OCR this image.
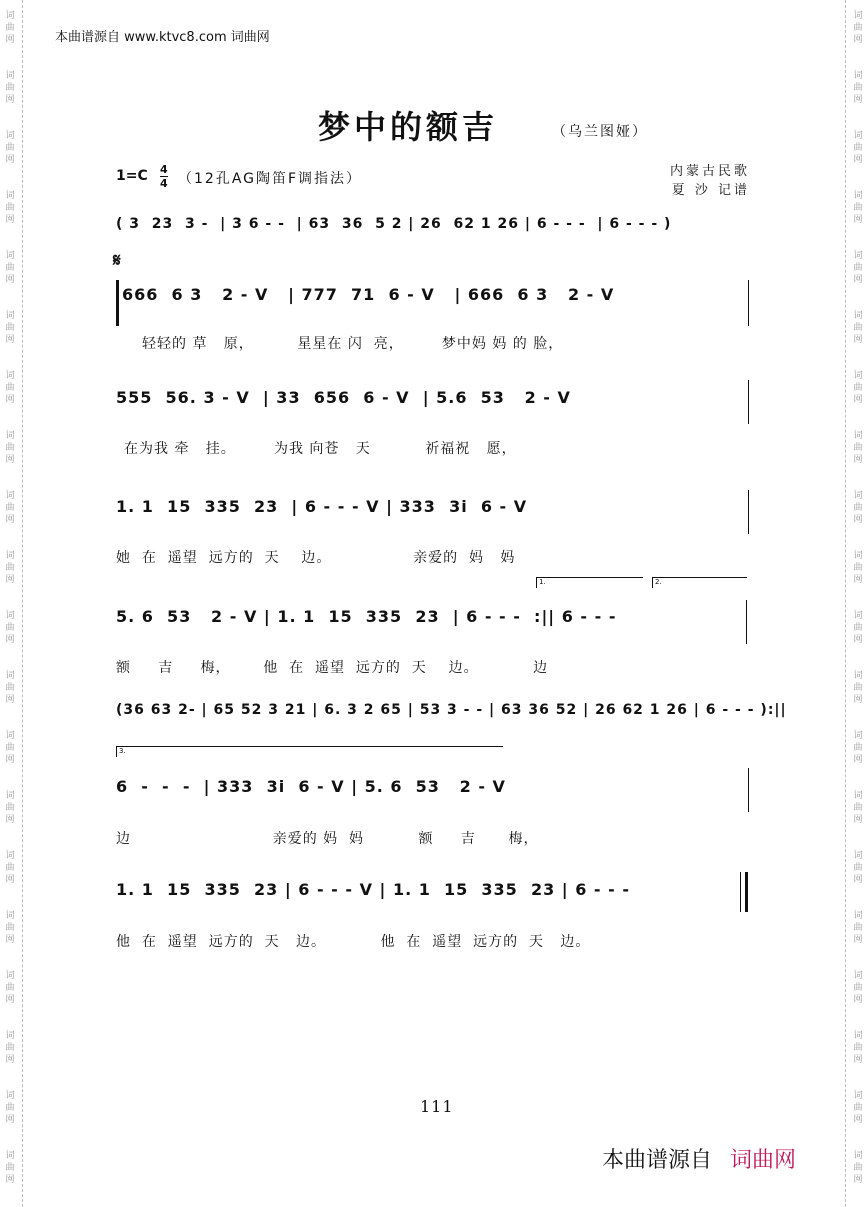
词
曲
网
词
曲
网
词
曲
网
词
曲
网
词
曲
网
词
曲
网
词
曲
网
词
曲
网
词
曲
网
词
曲
网
词
曲
网
词
曲
网
词
曲
网
词
曲
网
词
曲
网
词
曲
网
词
曲
网
词
曲
网
词
曲
网
词
曲
网
词
曲
网
词
曲
网
词
曲
网
词
曲
网
词
曲
网
词
曲
网
词
曲
网
词
曲
网
词
曲
网
词
曲
网
词
曲
网
词
曲
网
词
曲
网
词
曲
网
词
曲
网
词
曲
网
词
曲
网
词
曲
网
词
曲
网
词
曲
网
本曲谱源自 www.ktvc8.com 词曲网
梦中的额吉	（乌兰图娅）
1=C 4
4 （12孔AG陶笛F调指法）	内蒙古民歌
夏 沙 记谱
( 3  23  3 -  | 3 6 - -  | 63  36  5 2 | 26  62 1 26 | 6 - - -  | 6 - - - )
𝄋
666  6 3   2 - V   | 777  71  6 - V   | 666  6 3   2 - V
轻轻的 草   原，        星星在 闪  亮，       梦中妈 妈 的 脸，
555  56. 3 - V  | 33  656  6 - V  | 5.6  53   2 - V
在为我 牵   挂。       为我 向苍   天          祈福祝   愿，
1. 1  15  335  23  | 6 - - - V | 333  3i  6 - V
她  在  遥望  远方的  天    边。               亲爱的  妈   妈
1.	2.
5. 6  53   2 - V | 1. 1  15  335  23  | 6 - - -  :|| 6 - - -
额     吉     梅，      他  在  遥望  远方的  天    边。          边
(36 63 2- | 65 52 3 21 | 6. 3 2 65 | 53 3 - - | 63 36 52 | 26 62 1 26 | 6 - - - ):||
3.
6  -  -  -  | 333  3i  6 - V | 5. 6  53   2 - V
边                          亲爱的 妈  妈          额     吉      梅，
1. 1  15  335  23 | 6 - - - V | 1. 1  15  335  23 | 6 - - -
他  在  遥望  远方的  天   边。          他  在  遥望  远方的  天   边。
111
本曲谱源自 词曲网
